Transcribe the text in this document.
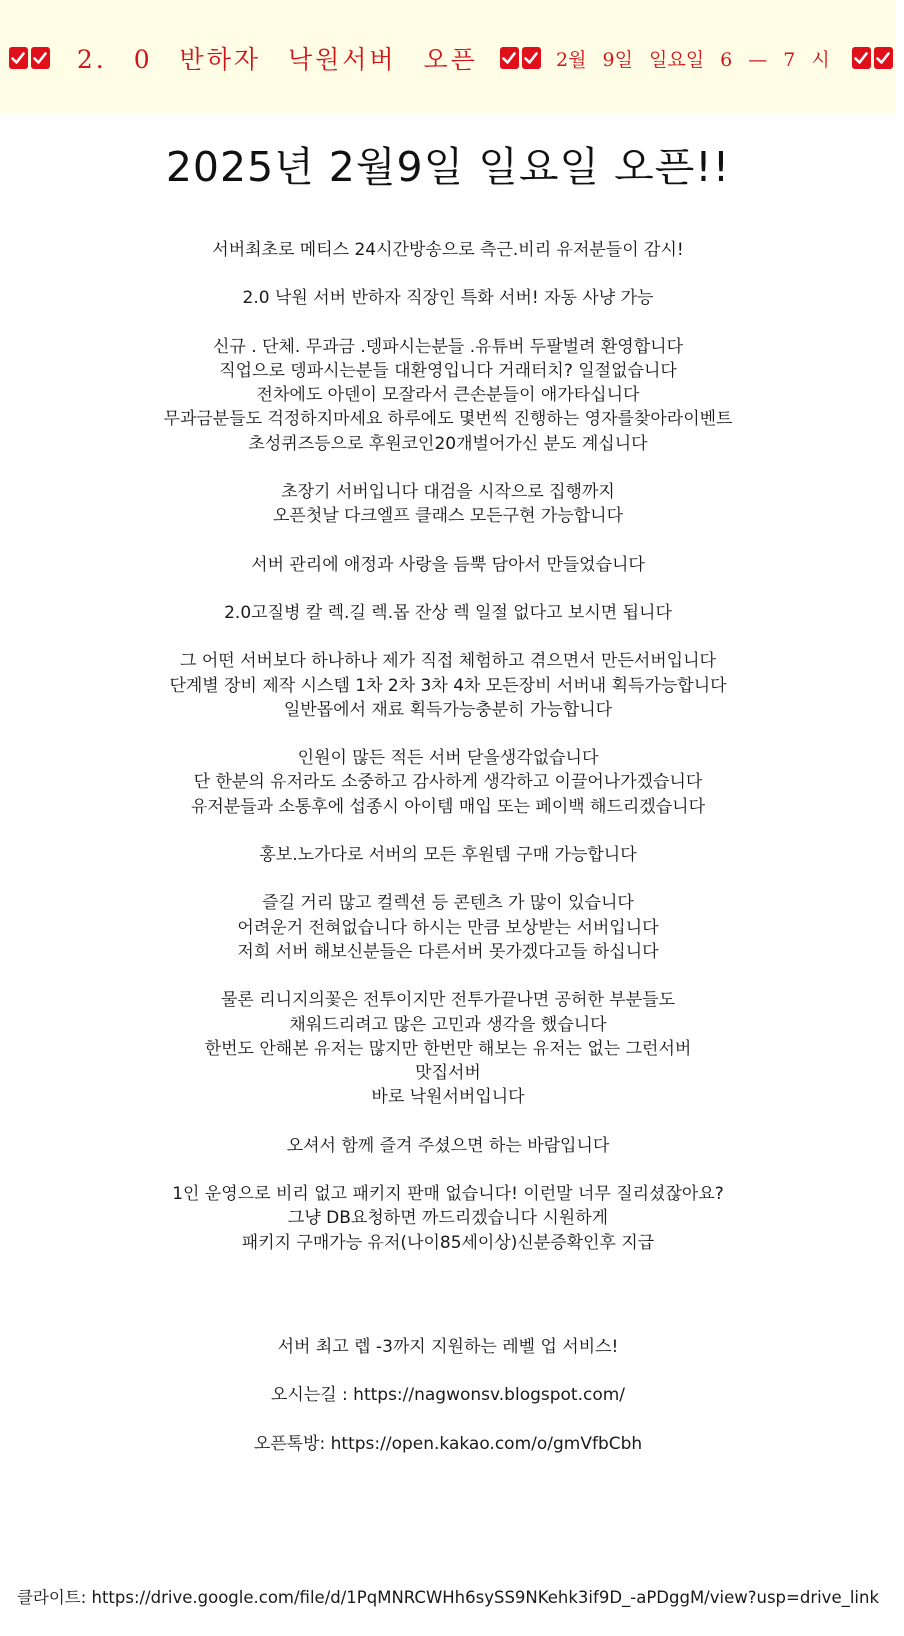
2. 0 반하자 낙원서버 오픈	2월 9일 일요일 6 — 7 시
2025년 2월9일 일요일 오픈!!

서버최초로 메티스 24시간방송으로 측근.비리 유저분들이 감시!

2.0 낙원 서버 반하자 직장인 특화 서버! 자동 사냥 가능

신규 . 단체. 무과금 .뎅파시는분들 .유튜버 두팔벌려 환영합니다
직업으로 뎅파시는분들 대환영입니다 거래터치? 일절없습니다
전차에도 아덴이 모잘라서 큰손분들이 애가타십니다
무과금분들도 걱정하지마세요 하루에도 몇번씩 진행하는 영자를찾아라이벤트
초성퀴즈등으로 후원코인20개벌어가신 분도 계십니다

초장기 서버입니다 대검을 시작으로 집행까지
오픈첫날 다크엘프 클래스 모든구현 가능합니다

서버 관리에 애정과 사랑을 듬뿍 담아서 만들었습니다

2.0고질병 칼 렉.길 렉.몹 잔상 렉 일절 없다고 보시면 됩니다

그 어떤 서버보다 하나하나 제가 직접 체험하고 겪으면서 만든서버입니다
단계별 장비 제작 시스템 1차 2차 3차 4차 모든장비 서버내 획득가능합니다
일반몹에서 재료 획득가능충분히 가능합니다

인원이 많든 적든 서버 닫을생각없습니다
단 한분의 유저라도 소중하고 감사하게 생각하고 이끌어나가겠습니다
유저분들과 소통후에 섭종시 아이템 매입 또는 페이백 해드리겠습니다

홍보.노가다로 서버의 모든 후원템 구매 가능합니다

즐길 거리 많고 컬렉션 등 콘텐츠 가 많이 있습니다
어려운거 전혀없습니다 하시는 만큼 보상받는 서버입니다
저희 서버 해보신분들은 다른서버 못가겠다고들 하십니다

물론 리니지의꽃은 전투이지만 전투가끝나면 공허한 부분들도
채워드리려고 많은 고민과 생각을 했습니다
한번도 안해본 유저는 많지만 한번만 해보는 유저는 없는 그런서버
맛집서버
바로 낙원서버입니다

오셔서 함께 즐겨 주셨으면 하는 바람입니다

1인 운영으로 비리 없고 패키지 판매 없습니다! 이런말 너무 질리셨잖아요?
그냥 DB요청하면 까드리겠습니다 시원하게
패키지 구매가능 유저(나이85세이상)신분증확인후 지급

서버 최고 렙 -3까지 지원하는 레벨 업 서비스!

오시는길 : https://nagwonsv.blogspot.com/

오픈톡방: https://open.kakao.com/o/gmVfbCbh

클라이트: https://drive.google.com/file/d/1PqMNRCWHh6sySS9NKehk3if9D_-aPDggM/view?usp=drive_link
